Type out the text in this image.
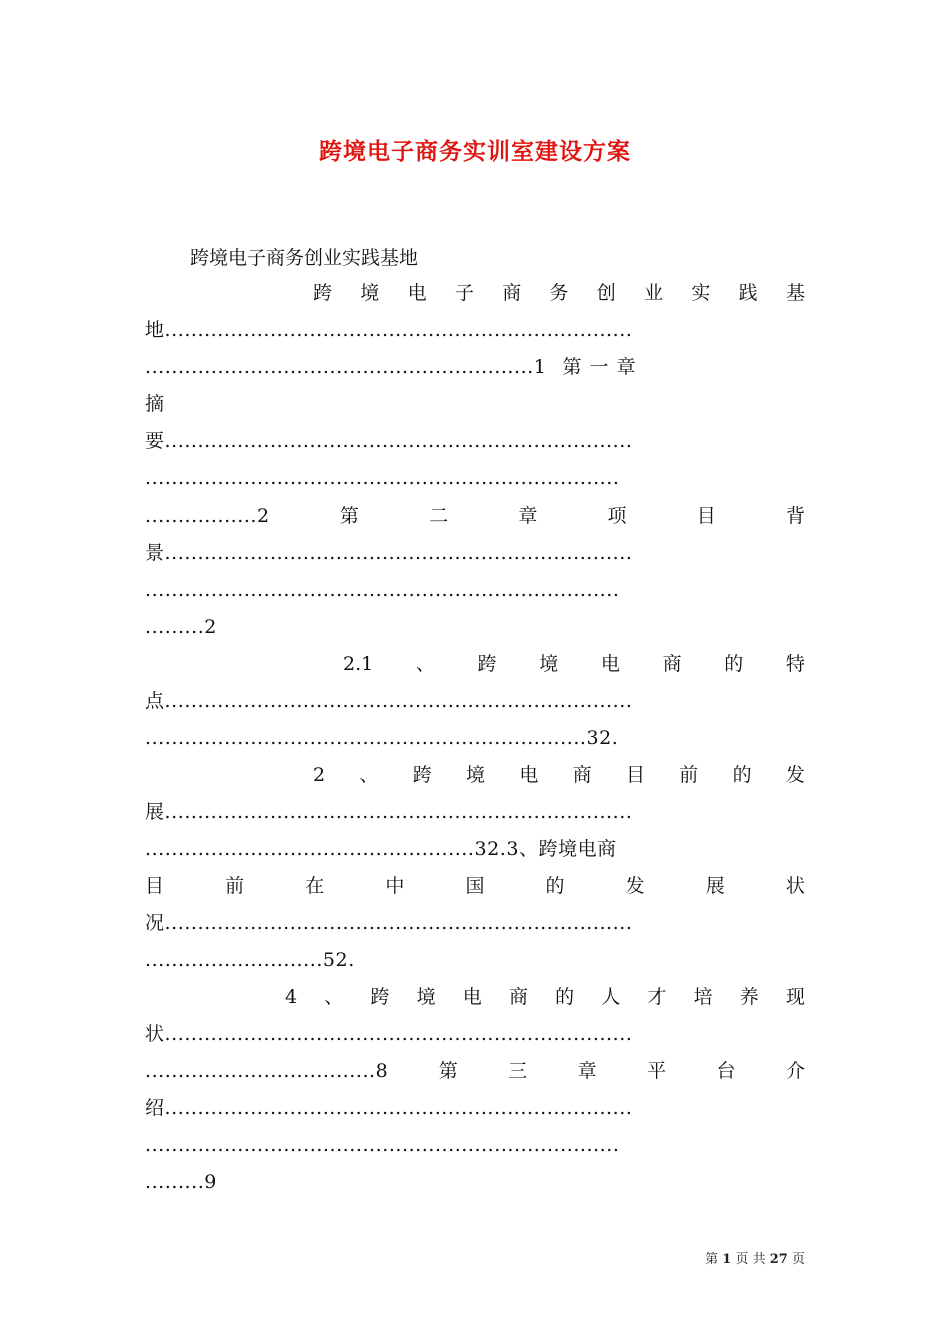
跨境电子商务实训室建设方案
跨境电子商务创业实践基地
跨 境 电 子 商 务 创 业 实 践 基
地.......................................................................
...........................................................1 第一章
摘
要.......................................................................
........................................................................
.................2	第	二	章	项	目	背
景.......................................................................
........................................................................
.........2
2.1 、 跨 境 电 商 的 特
点.......................................................................
...................................................................32.
2 、 跨 境 电 商 目 前 的 发
展.......................................................................
..................................................32.3、跨境电商
目	前	在	中	国	的	发	展	状
况.......................................................................
...........................52.
4 、 跨 境 电 商 的 人 才 培 养 现
状.......................................................................
...................................8	第	三	章	平	台	介
绍.......................................................................
........................................................................
.........9
第 1 页 共 27 页
